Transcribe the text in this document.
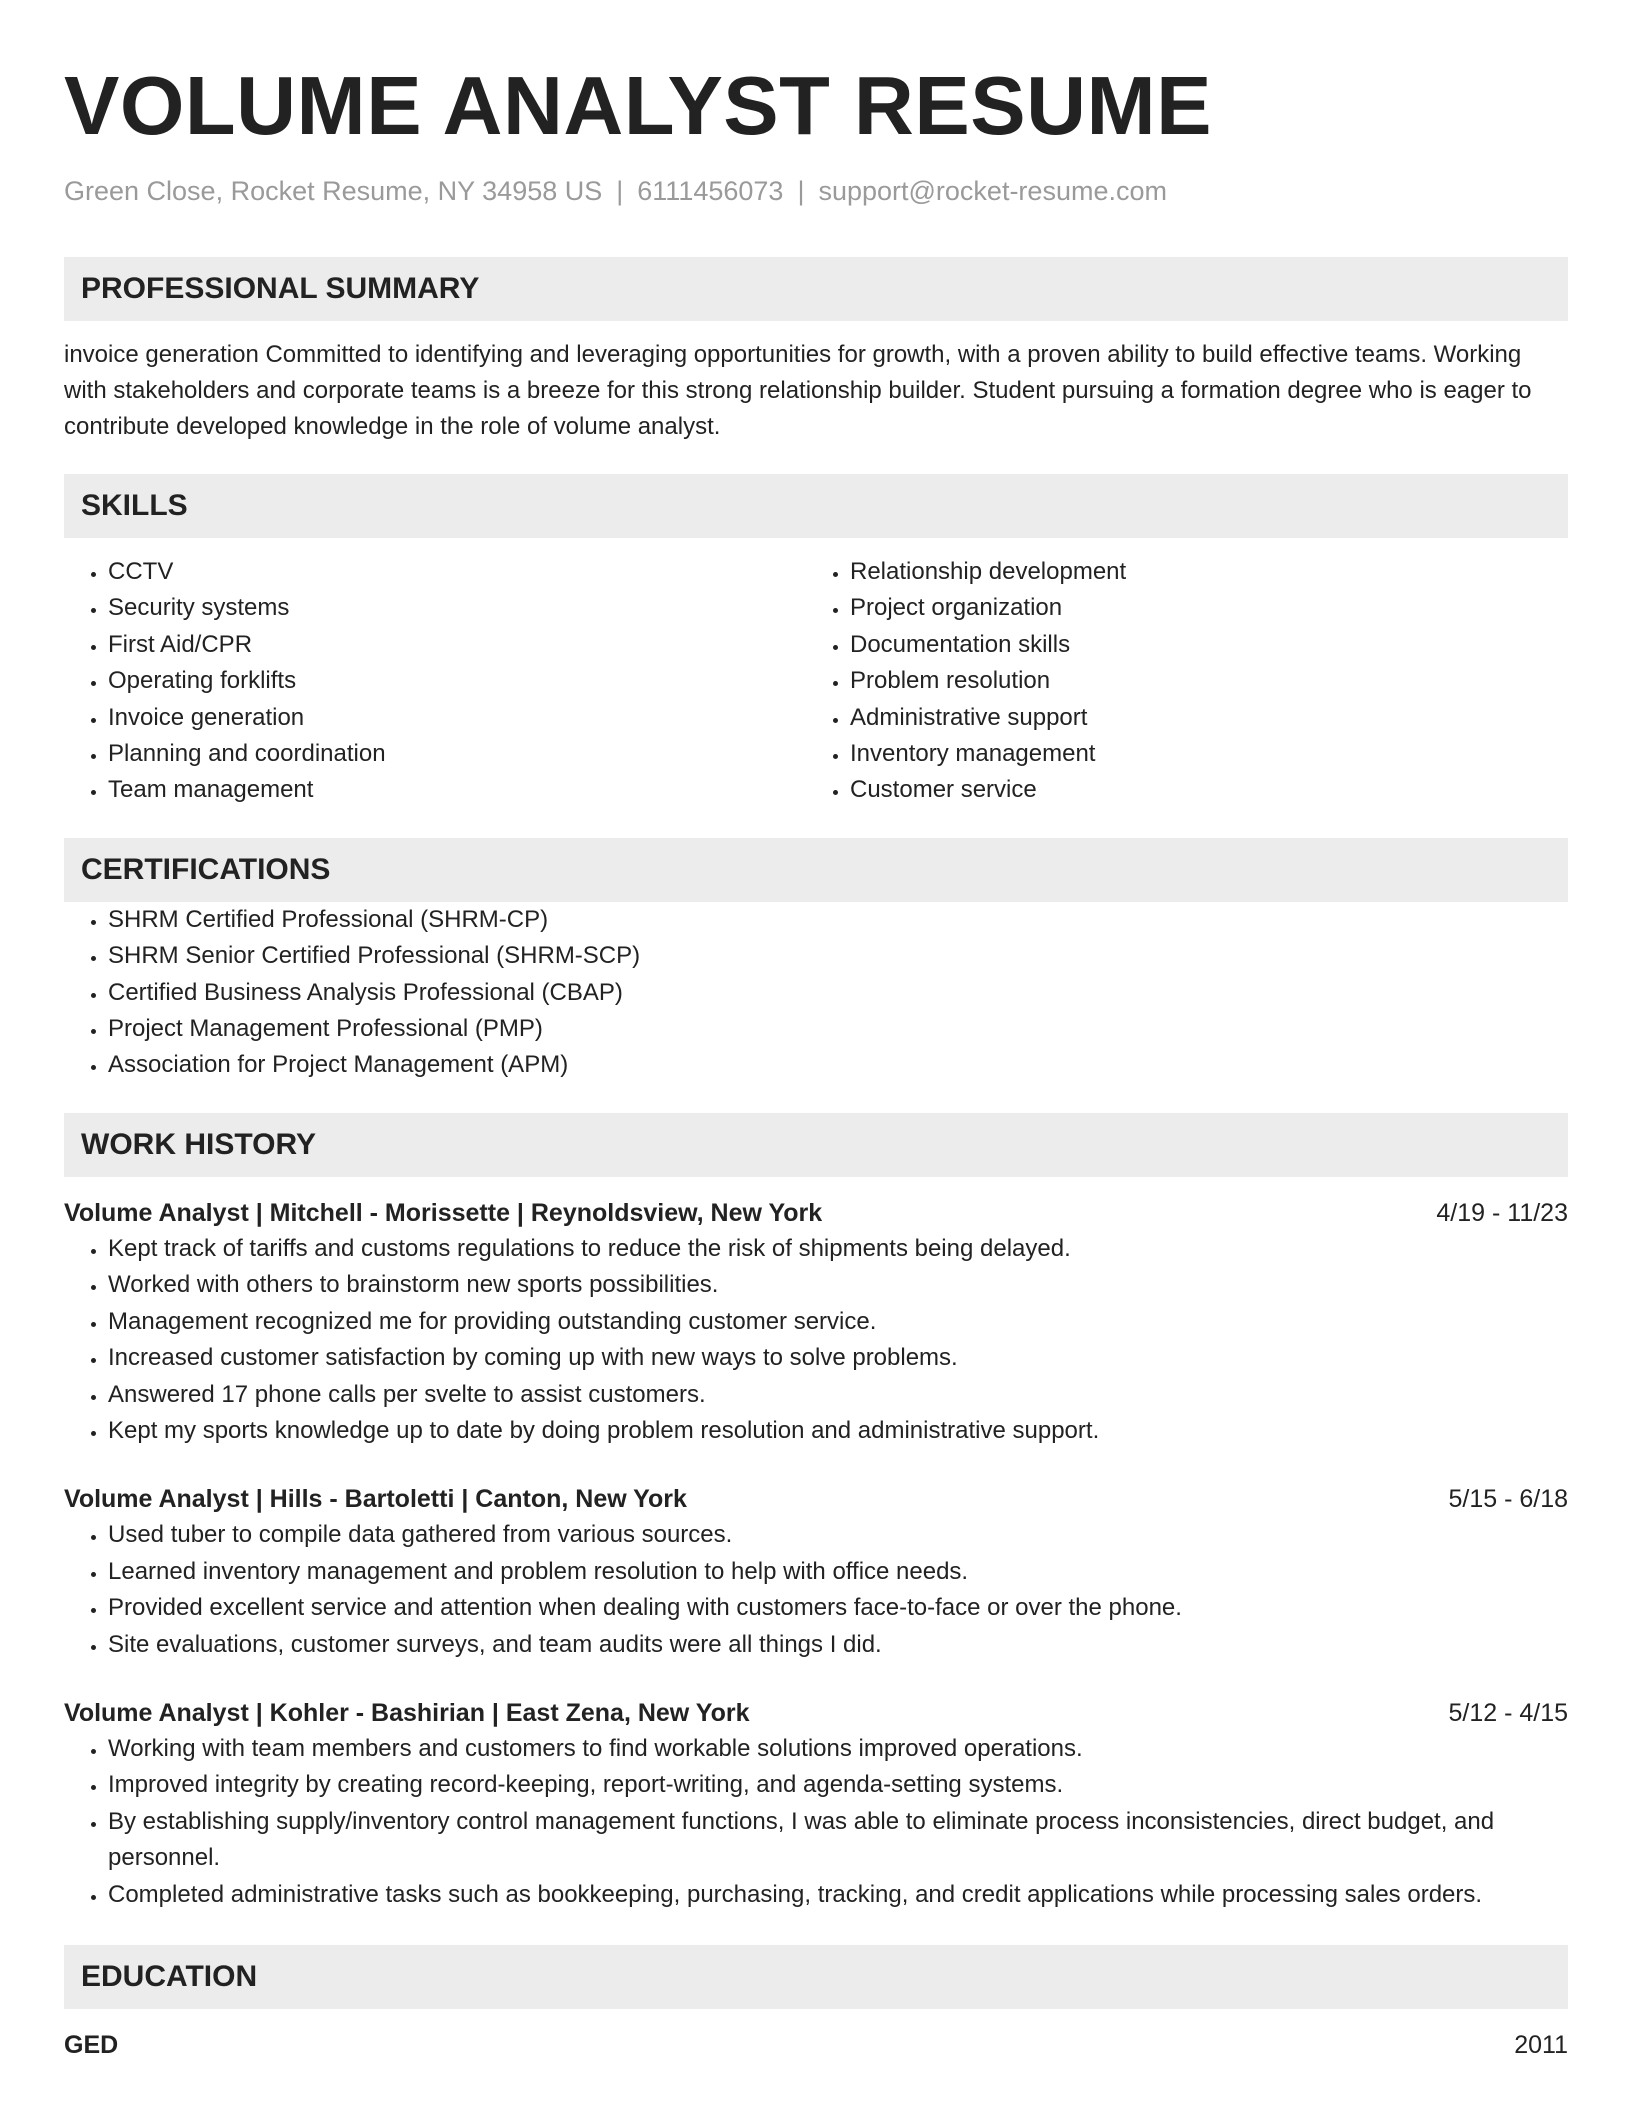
VOLUME ANALYST RESUME
Green Close, Rocket Resume, NY 34958 US | 6111456073 | support@rocket-resume.com
PROFESSIONAL SUMMARY

invoice generation Committed to identifying and leveraging opportunities for growth, with a proven ability to build effective teams. Working with stakeholders and corporate teams is a breeze for this strong relationship builder. Student pursuing a formation degree who is eager to contribute developed knowledge in the role of volume analyst.

SKILLS
• CCTV
• Security systems
• First Aid/CPR
• Operating forklifts
• Invoice generation
• Planning and coordination
• Team management
• Relationship development
• Project organization
• Documentation skills
• Problem resolution
• Administrative support
• Inventory management
• Customer service
CERTIFICATIONS
• SHRM Certified Professional (SHRM-CP)
• SHRM Senior Certified Professional (SHRM-SCP)
• Certified Business Analysis Professional (CBAP)
• Project Management Professional (PMP)
• Association for Project Management (APM)
WORK HISTORY
Volume Analyst | Mitchell - Morissette | Reynoldsview, New York	4/19 - 11/23
• Kept track of tariffs and customs regulations to reduce the risk of shipments being delayed.
• Worked with others to brainstorm new sports possibilities.
• Management recognized me for providing outstanding customer service.
• Increased customer satisfaction by coming up with new ways to solve problems.
• Answered 17 phone calls per svelte to assist customers.
• Kept my sports knowledge up to date by doing problem resolution and administrative support.
Volume Analyst | Hills - Bartoletti | Canton, New York	5/15 - 6/18
• Used tuber to compile data gathered from various sources.
• Learned inventory management and problem resolution to help with office needs.
• Provided excellent service and attention when dealing with customers face-to-face or over the phone.
• Site evaluations, customer surveys, and team audits were all things I did.
Volume Analyst | Kohler - Bashirian | East Zena, New York	5/12 - 4/15
• Working with team members and customers to find workable solutions improved operations.
• Improved integrity by creating record-keeping, report-writing, and agenda-setting systems.
• By establishing supply/inventory control management functions, I was able to eliminate process inconsistencies, direct budget, and personnel.
• Completed administrative tasks such as bookkeeping, purchasing, tracking, and credit applications while processing sales orders.
EDUCATION
GED	2011
